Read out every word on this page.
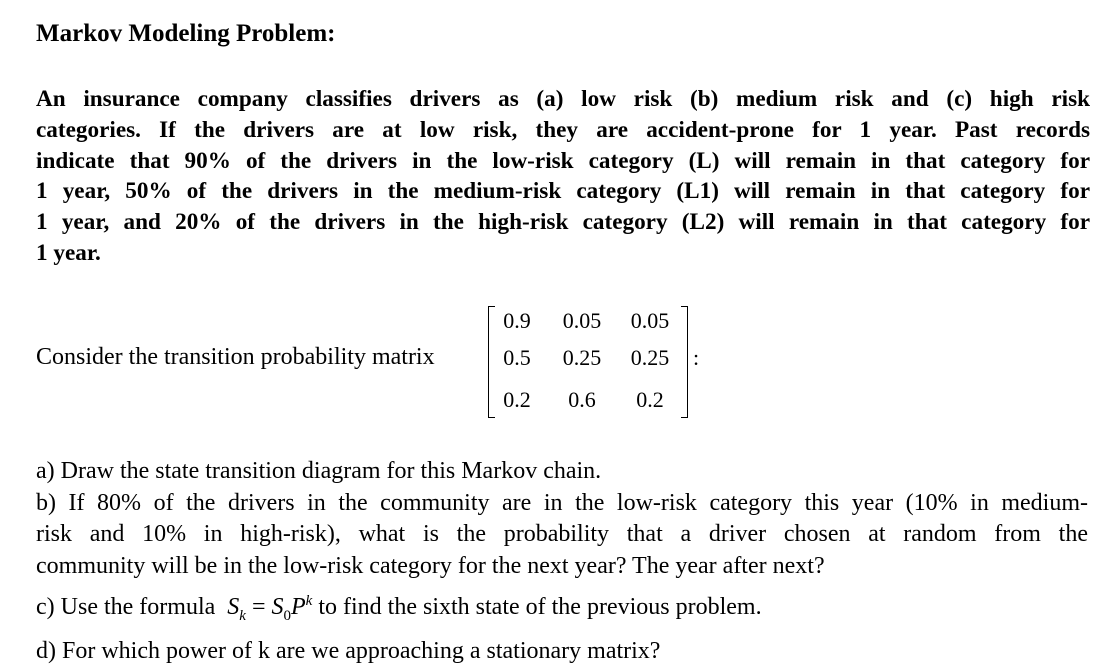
Markov Modeling Problem:
An insurance company classifies drivers as (a) low risk (b) medium risk and (c) high risk
categories. If the drivers are at low risk, they are accident-prone for 1 year. Past records
indicate that 90% of the drivers in the low-risk category (L) will remain in that category for
1 year, 50% of the drivers in the medium-risk category (L1) will remain in that category for
1 year, and 20% of the drivers in the high-risk category (L2) will remain in that category for
1 year.
Consider the transition probability matrix
0.9	0.05	0.05
0.5	0.25	0.25
0.2	0.6	0.2
:
a) Draw the state transition diagram for this Markov chain.
b) If 80% of the drivers in the community are in the low-risk category this year (10% in medium-
risk and 10% in high-risk), what is the probability that a driver chosen at random from the
community will be in the low-risk category for the next year? The year after next?
c) Use the formula $S_k = S_0P^k$ to find the sixth state of the previous problem.
d) For which power of k are we approaching a stationary matrix?
